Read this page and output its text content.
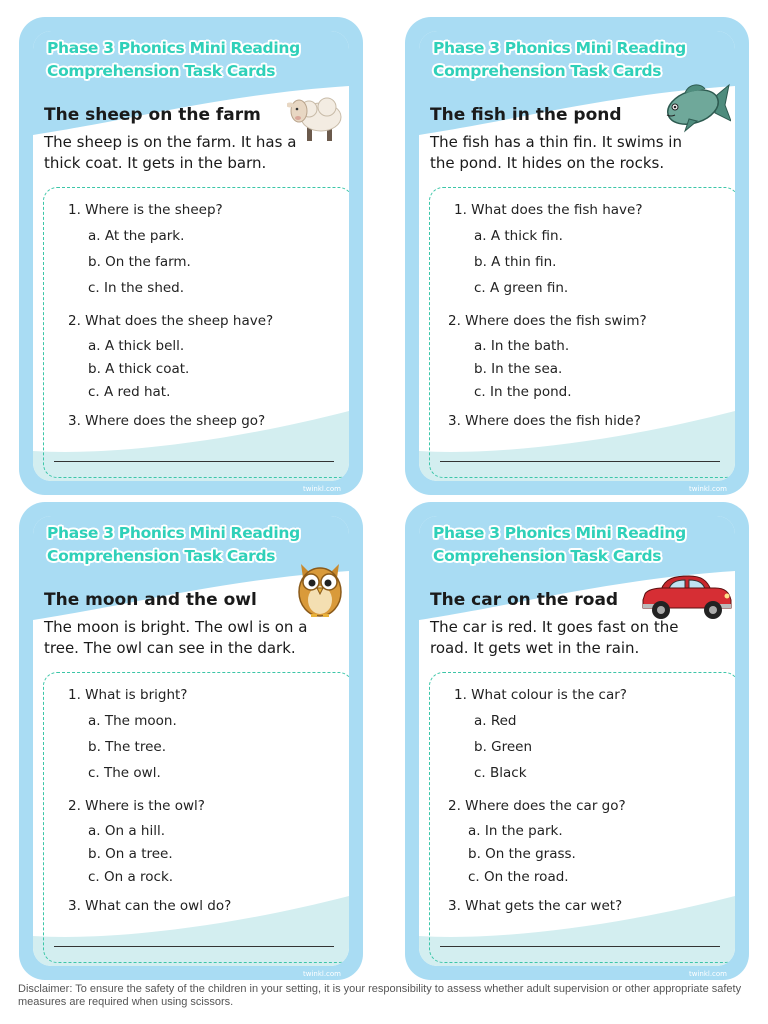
Phase 3 Phonics Mini Reading
Comprehension Task Cards
The sheep on the farm
The sheep is on the farm. It has a
thick coat. It gets in the barn.
1. Where is the sheep?
a. At the park.
b. On the farm.
c. In the shed.
2. What does the sheep have?
a. A thick bell.
b. A thick coat.
c. A red hat.
3. Where does the sheep go?
twinkl.com
Phase 3 Phonics Mini Reading
Comprehension Task Cards
The fish in the pond
The fish has a thin fin. It swims in
the pond. It hides on the rocks.
1. What does the fish have?
a. A thick fin.
b. A thin fin.
c. A green fin.
2. Where does the fish swim?
a. In the bath.
b. In the sea.
c. In the pond.
3. Where does the fish hide?
twinkl.com
Phase 3 Phonics Mini Reading
Comprehension Task Cards
The moon and the owl
The moon is bright. The owl is on a
tree. The owl can see in the dark.
1. What is bright?
a. The moon.
b. The tree.
c. The owl.
2. Where is the owl?
a. On a hill.
b. On a tree.
c. On a rock.
3. What can the owl do?
twinkl.com
Phase 3 Phonics Mini Reading
Comprehension Task Cards
The car on the road
The car is red. It goes fast on the
road. It gets wet in the rain.
1. What colour is the car?
a. Red
b. Green
c. Black
2. Where does the car go?
a. In the park.
b. On the grass.
c. On the road.
3. What gets the car wet?
twinkl.com
Disclaimer: To ensure the safety of the children in your setting, it is your responsibility to assess whether adult supervision or other appropriate safety measures are required when using scissors.
